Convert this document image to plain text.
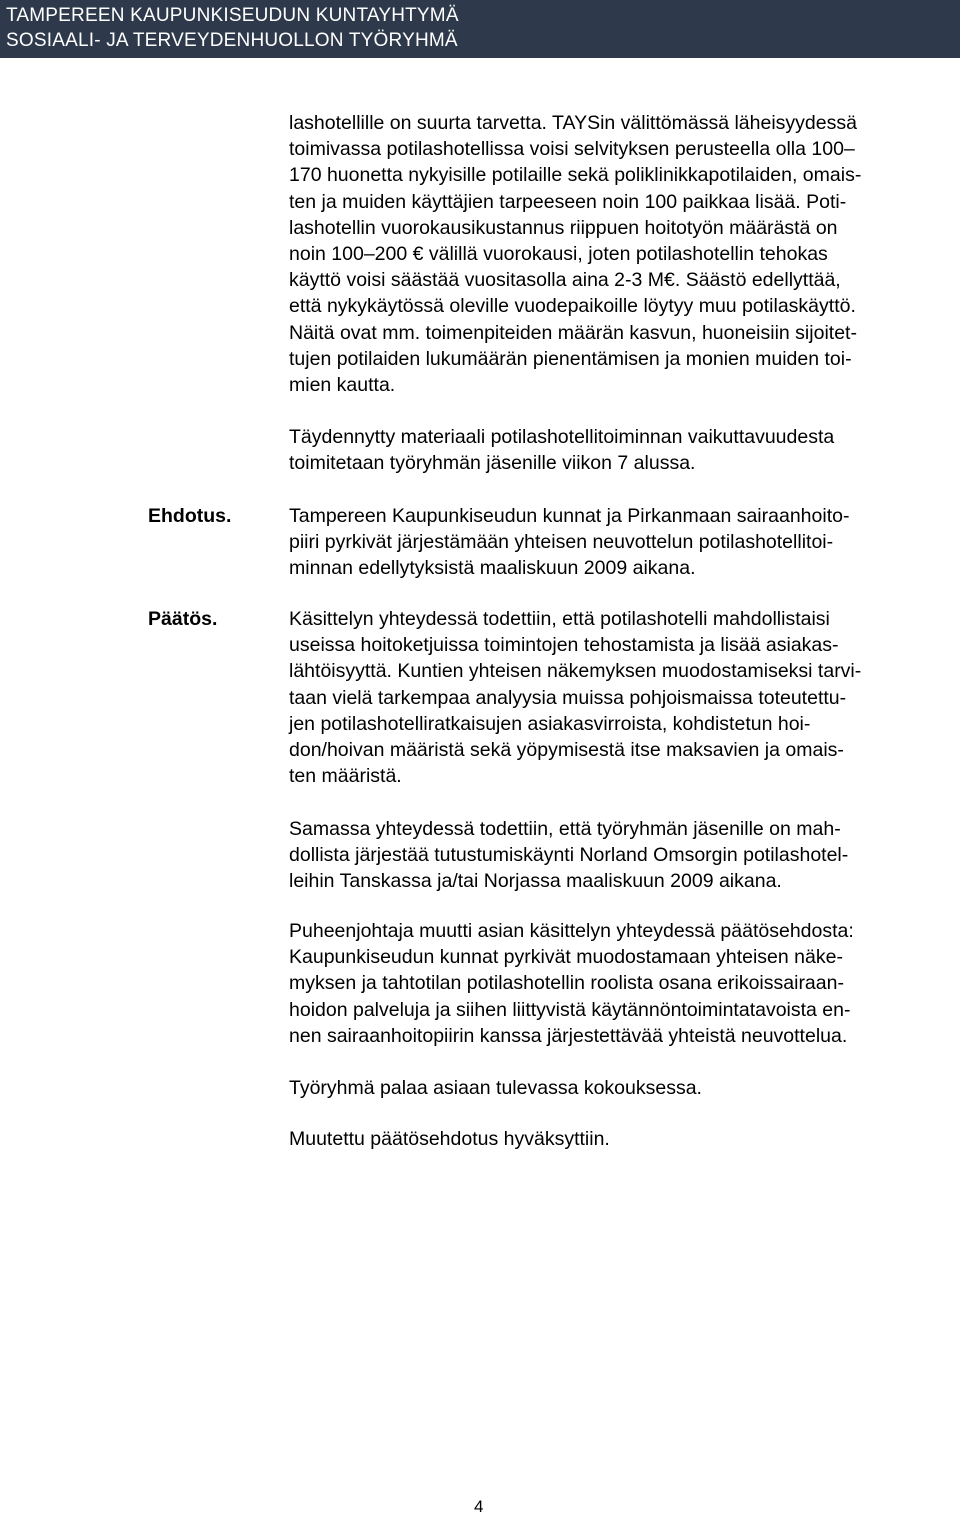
TAMPEREEN KAUPUNKISEUDUN KUNTAYHTYMÄ
SOSIAALI- JA TERVEYDENHUOLLON TYÖRYHMÄ
lashotellille on suurta tarvetta. TAYSin välittömässä läheisyydessä
toimivassa potilashotellissa voisi selvityksen perusteella olla 100–
170 huonetta nykyisille potilaille sekä poliklinikkapotilaiden, omais-
ten ja muiden käyttäjien tarpeeseen noin 100 paikkaa lisää. Poti-
lashotellin vuorokausikustannus riippuen hoitotyön määrästä on
noin 100–200 € välillä vuorokausi, joten potilashotellin tehokas
käyttö voisi säästää vuositasolla aina 2-3 M€. Säästö edellyttää,
että nykykäytössä oleville vuodepaikoille löytyy muu potilaskäyttö.
Näitä ovat mm. toimenpiteiden määrän kasvun, huoneisiin sijoitet-
tujen potilaiden lukumäärän pienentämisen ja monien muiden toi-
mien kautta.
Täydennytty materiaali potilashotellitoiminnan vaikuttavuudesta
toimitetaan työryhmän jäsenille viikon 7 alussa.
Ehdotus.	Tampereen Kaupunkiseudun kunnat ja Pirkanmaan sairaanhoito-
piiri pyrkivät järjestämään yhteisen neuvottelun potilashotellitoi-
minnan edellytyksistä maaliskuun 2009 aikana.
Päätös.	Käsittelyn yhteydessä todettiin, että potilashotelli mahdollistaisi
useissa hoitoketjuissa toimintojen tehostamista ja lisää asiakas-
lähtöisyyttä. Kuntien yhteisen näkemyksen muodostamiseksi tarvi-
taan vielä tarkempaa analyysia muissa pohjoismaissa toteutettu-
jen potilashotelliratkaisujen asiakasvirroista, kohdistetun hoi-
don/hoivan määristä sekä yöpymisestä itse maksavien ja omais-
ten määristä.
Samassa yhteydessä todettiin, että työryhmän jäsenille on mah-
dollista järjestää tutustumiskäynti Norland Omsorgin potilashotel-
leihin Tanskassa ja/tai Norjassa maaliskuun 2009 aikana.
Puheenjohtaja muutti asian käsittelyn yhteydessä päätösehdosta:
Kaupunkiseudun kunnat pyrkivät muodostamaan yhteisen näke-
myksen ja tahtotilan potilashotellin roolista osana erikoissairaan-
hoidon palveluja ja siihen liittyvistä käytännöntoimintatavoista en-
nen sairaanhoitopiirin kanssa järjestettävää yhteistä neuvottelua.
Työryhmä palaa asiaan tulevassa kokouksessa.
Muutettu päätösehdotus hyväksyttiin.
4
